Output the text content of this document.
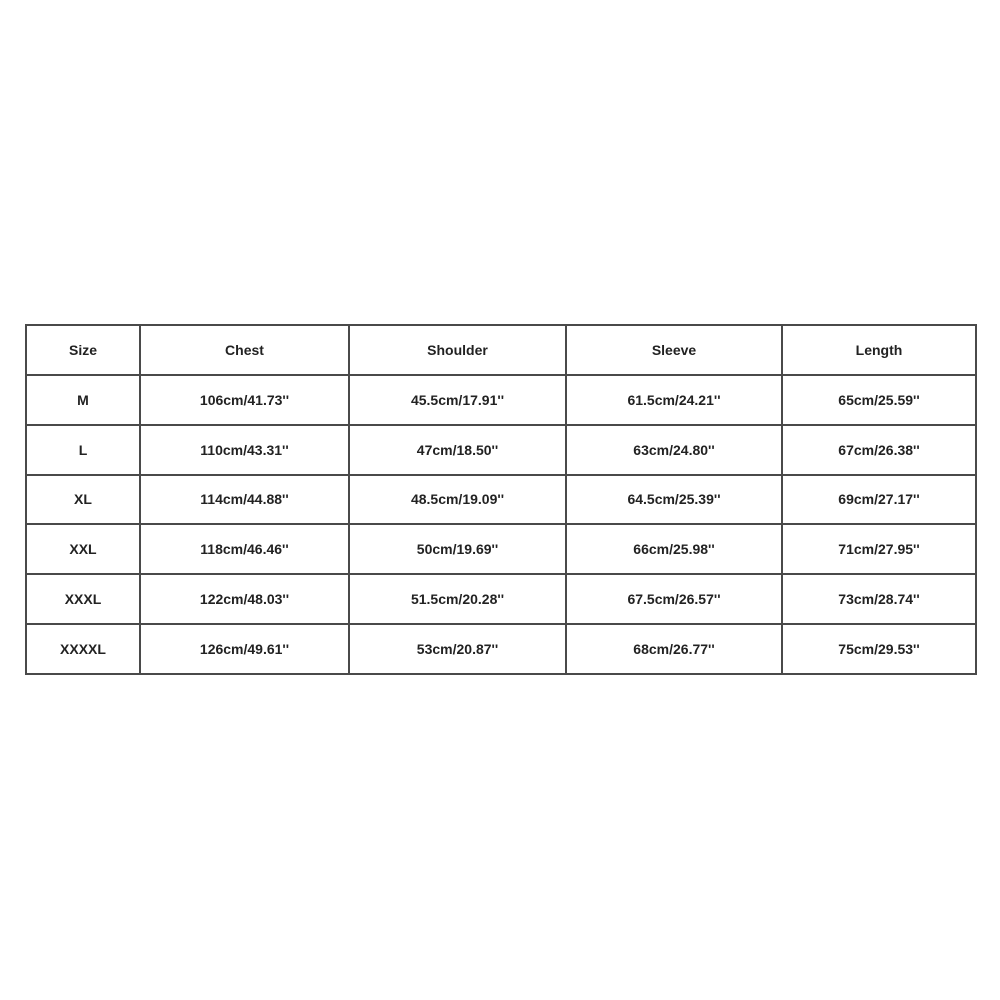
Size	Chest	Shoulder	Sleeve	Length
M	106cm/41.73''	45.5cm/17.91''	61.5cm/24.21''	65cm/25.59''
L	110cm/43.31''	47cm/18.50''	63cm/24.80''	67cm/26.38''
XL	114cm/44.88''	48.5cm/19.09''	64.5cm/25.39''	69cm/27.17''
XXL	118cm/46.46''	50cm/19.69''	66cm/25.98''	71cm/27.95''
XXXL	122cm/48.03''	51.5cm/20.28''	67.5cm/26.57''	73cm/28.74''
XXXXL	126cm/49.61''	53cm/20.87''	68cm/26.77''	75cm/29.53''
